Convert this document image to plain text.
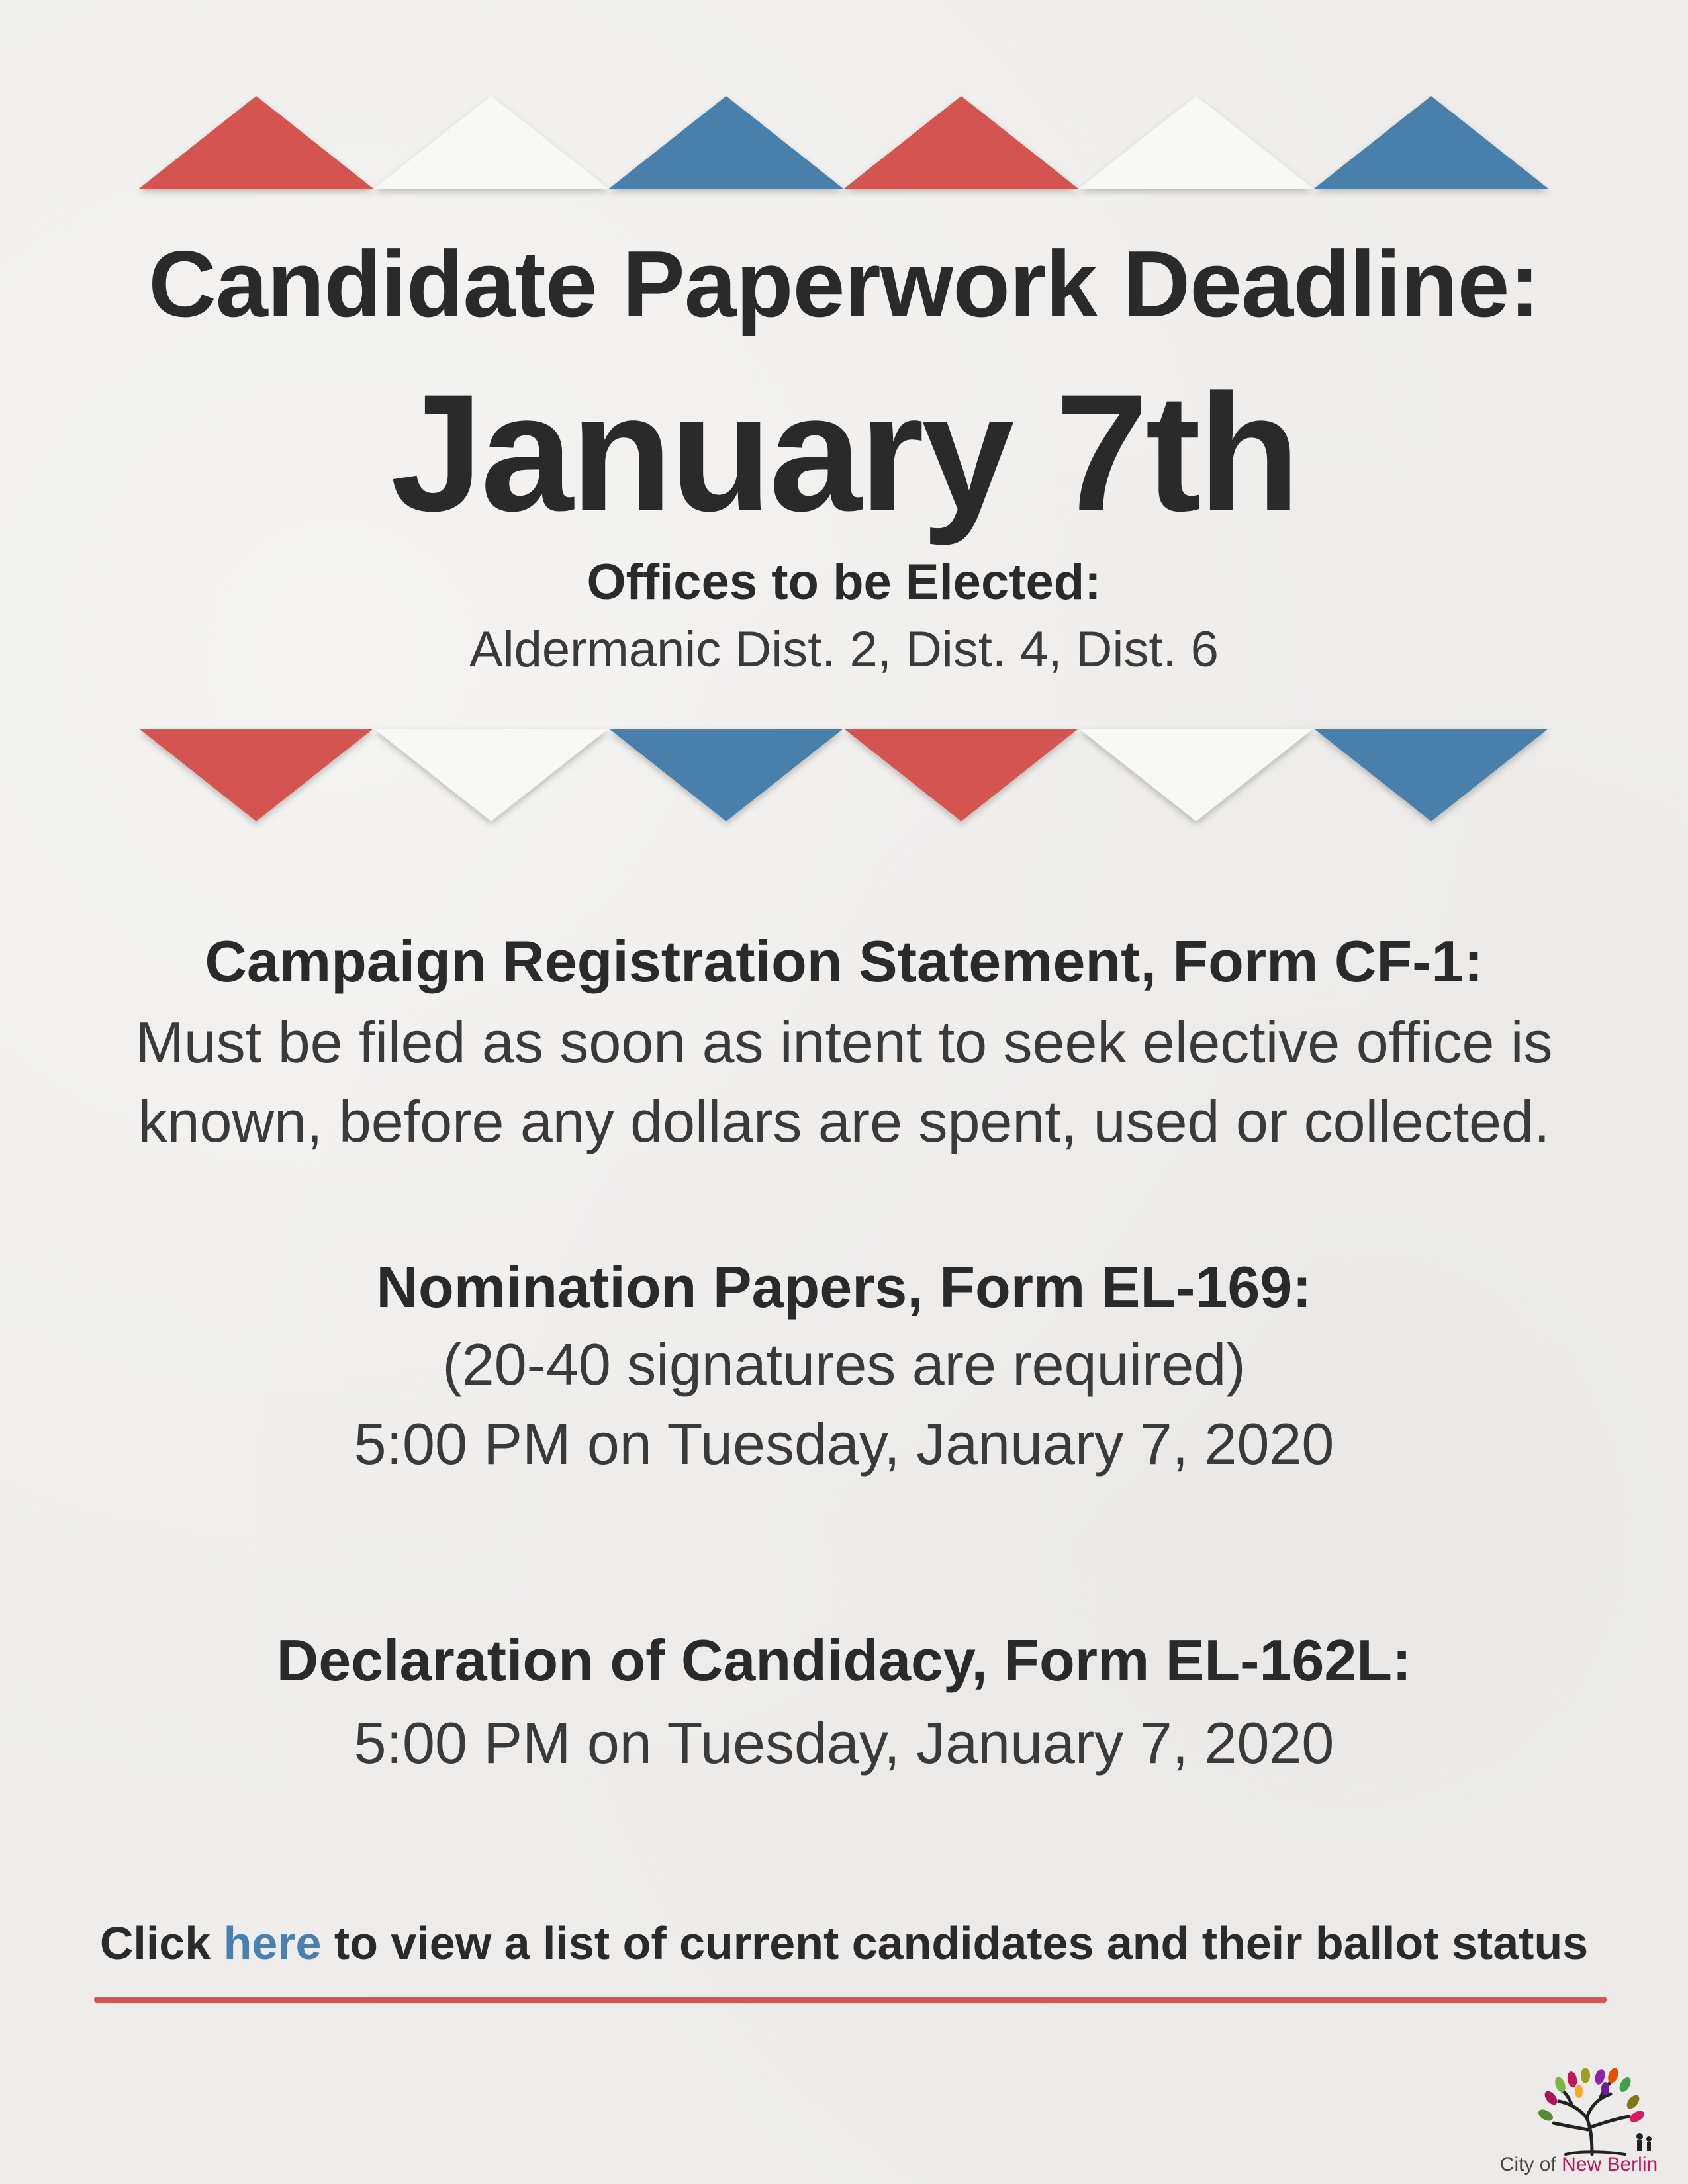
Candidate Paperwork Deadline:
January 7th
Offices to be Elected:
Aldermanic Dist. 2, Dist. 4, Dist. 6
Campaign Registration Statement, Form CF-1:
Must be filed as soon as intent to seek elective office is
known, before any dollars are spent, used or collected.
Nomination Papers, Form EL-169:
(20-40 signatures are required)
5:00 PM on Tuesday, January 7, 2020
Declaration of Candidacy, Form EL-162L:
5:00 PM on Tuesday, January 7, 2020
Click here to view a list of current candidates and their ballot status
City of New Berlin
